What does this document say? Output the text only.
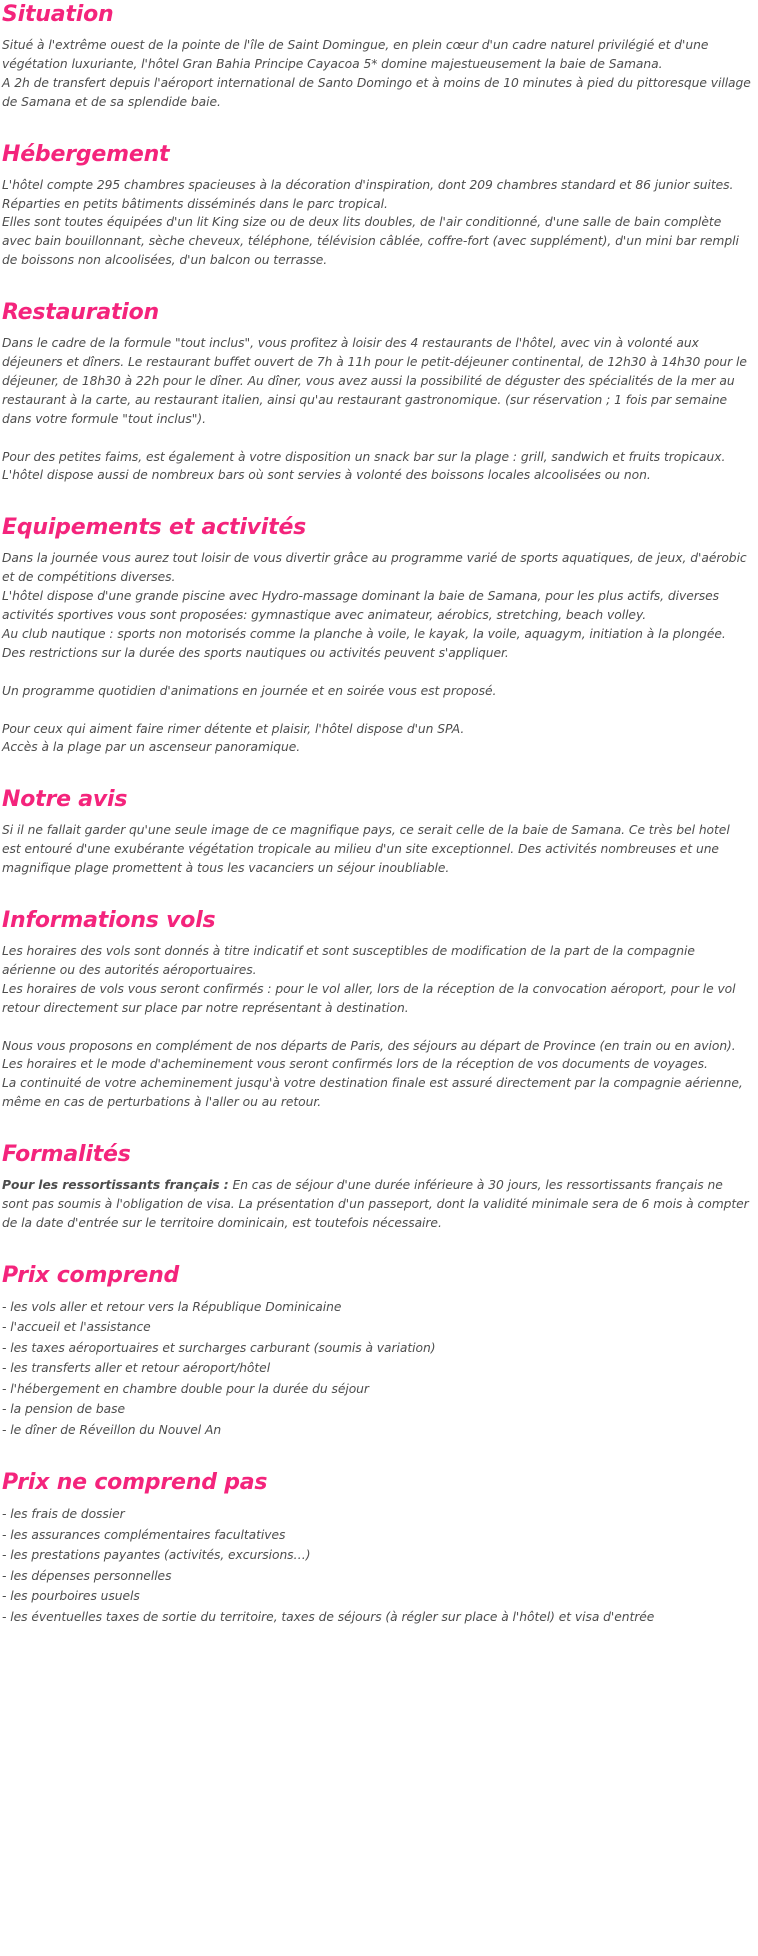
Situation

Situé à l'extrême ouest de la pointe de l'île de Saint Domingue, en plein cœur d'un cadre naturel privilégié et d'une végétation luxuriante, l'hôtel Gran Bahia Principe Cayacoa 5* domine majestueusement la baie de Samana.

A 2h de transfert depuis l'aéroport international de Santo Domingo et à moins de 10 minutes à pied du pittoresque village de Samana et de sa splendide baie.

Hébergement

L'hôtel compte 295 chambres spacieuses à la décoration d'inspiration, dont 209 chambres standard et 86 junior suites. Réparties en petits bâtiments disséminés dans le parc tropical.

Elles sont toutes équipées d'un lit King size ou de deux lits doubles, de l'air conditionné, d'une salle de bain complète avec bain bouillonnant, sèche cheveux, téléphone, télévision câblée, coffre-fort (avec supplément), d'un mini bar rempli de boissons non alcoolisées, d'un balcon ou terrasse.

Restauration

Dans le cadre de la formule "tout inclus", vous profitez à loisir des 4 restaurants de l'hôtel, avec vin à volonté aux déjeuners et dîners. Le restaurant buffet ouvert de 7h à 11h pour le petit-déjeuner continental, de 12h30 à 14h30 pour le déjeuner, de 18h30 à 22h pour le dîner. Au dîner, vous avez aussi la possibilité de déguster des spécialités de la mer au restaurant à la carte, au restaurant italien, ainsi qu'au restaurant gastronomique. (sur réservation ; 1 fois par semaine dans votre formule "tout inclus").

Pour des petites faims, est également à votre disposition un snack bar sur la plage : grill, sandwich et fruits tropicaux.

L'hôtel dispose aussi de nombreux bars où sont servies à volonté des boissons locales alcoolisées ou non.

Equipements et activités

Dans la journée vous aurez tout loisir de vous divertir grâce au programme varié de sports aquatiques, de jeux, d'aérobic et de compétitions diverses.

L'hôtel dispose d'une grande piscine avec Hydro-massage dominant la baie de Samana, pour les plus actifs, diverses activités sportives vous sont proposées: gymnastique avec animateur, aérobics, stretching, beach volley.

Au club nautique : sports non motorisés comme la planche à voile, le kayak, la voile, aquagym, initiation à la plongée.

Des restrictions sur la durée des sports nautiques ou activités peuvent s'appliquer.

Un programme quotidien d'animations en journée et en soirée vous est proposé.

Pour ceux qui aiment faire rimer détente et plaisir, l'hôtel dispose d'un SPA.

Accès à la plage par un ascenseur panoramique.

Notre avis

Si il ne fallait garder qu'une seule image de ce magnifique pays, ce serait celle de la baie de Samana. Ce très bel hotel est entouré d'une exubérante végétation tropicale au milieu d'un site exceptionnel. Des activités nombreuses et une magnifique plage promettent à tous les vacanciers un séjour inoubliable.

Informations vols

Les horaires des vols sont donnés à titre indicatif et sont susceptibles de modification de la part de la compagnie aérienne ou des autorités aéroportuaires.

Les horaires de vols vous seront confirmés : pour le vol aller, lors de la réception de la convocation aéroport, pour le vol retour directement sur place par notre représentant à destination.

Nous vous proposons en complément de nos départs de Paris, des séjours au départ de Province (en train ou en avion).

Les horaires et le mode d'acheminement vous seront confirmés lors de la réception de vos documents de voyages.

La continuité de votre acheminement jusqu'à votre destination finale est assuré directement par la compagnie aérienne, même en cas de perturbations à l'aller ou au retour.

Formalités

Pour les ressortissants français : En cas de séjour d'une durée inférieure à 30 jours, les ressortissants français ne sont pas soumis à l'obligation de visa. La présentation d'un passeport, dont la validité minimale sera de 6 mois à compter de la date d'entrée sur le territoire dominicain, est toutefois nécessaire.

Prix comprend
- les vols aller et retour vers la République Dominicaine
- l'accueil et l'assistance
- les taxes aéroportuaires et surcharges carburant (soumis à variation)
- les transferts aller et retour aéroport/hôtel
- l'hébergement en chambre double pour la durée du séjour
- la pension de base
- le dîner de Réveillon du Nouvel An
Prix ne comprend pas
- les frais de dossier
- les assurances complémentaires facultatives
- les prestations payantes (activités, excursions…)
- les dépenses personnelles
- les pourboires usuels
- les éventuelles taxes de sortie du territoire, taxes de séjours (à régler sur place à l'hôtel) et visa d'entrée
